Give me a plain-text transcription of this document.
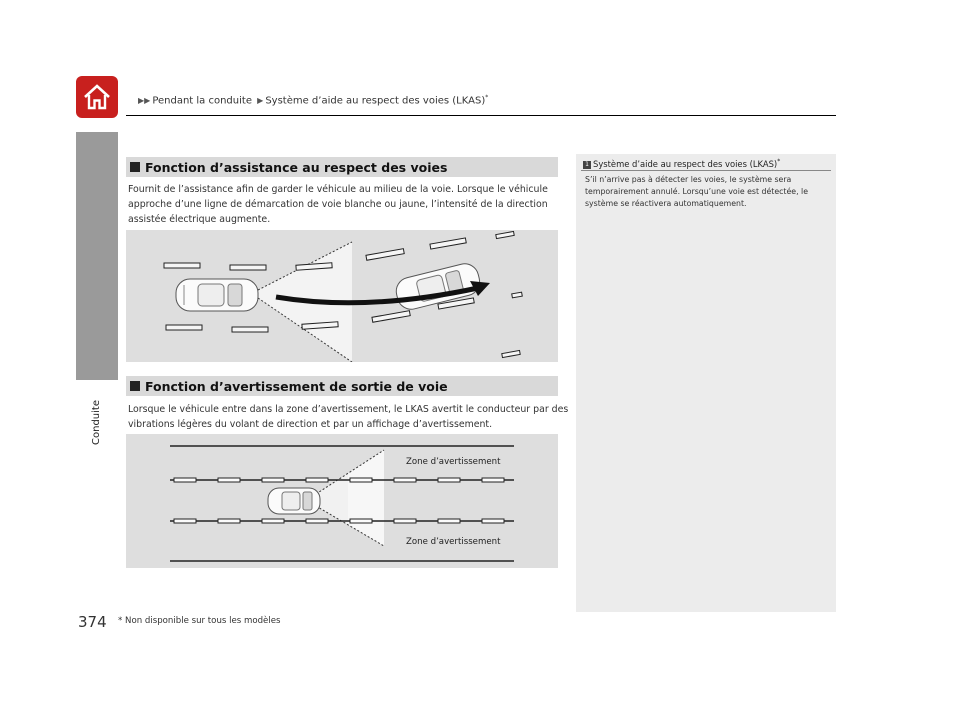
▶▶ Pendant la conduite ▶ Système d’aide au respect des voies (LKAS)*
Conduite
Fonction d’assistance au respect des voies
Fournit de l’assistance afin de garder le véhicule au milieu de la voie. Lorsque le véhicule
approche d’une ligne de démarcation de voie blanche ou jaune, l’intensité de la direction
assistée électrique augmente.
Fonction d’avertissement de sortie de voie
Lorsque le véhicule entre dans la zone d’avertissement, le LKAS avertit le conducteur par des
vibrations légères du volant de direction et par un affichage d’avertissement.
Zone d’avertissement
Zone d’avertissement
1 Système d’aide au respect des voies (LKAS)*
S’il n’arrive pas à détecter les voies, le système sera
temporairement annulé. Lorsqu’une voie est détectée, le
système se réactivera automatiquement.
374 * Non disponible sur tous les modèles
